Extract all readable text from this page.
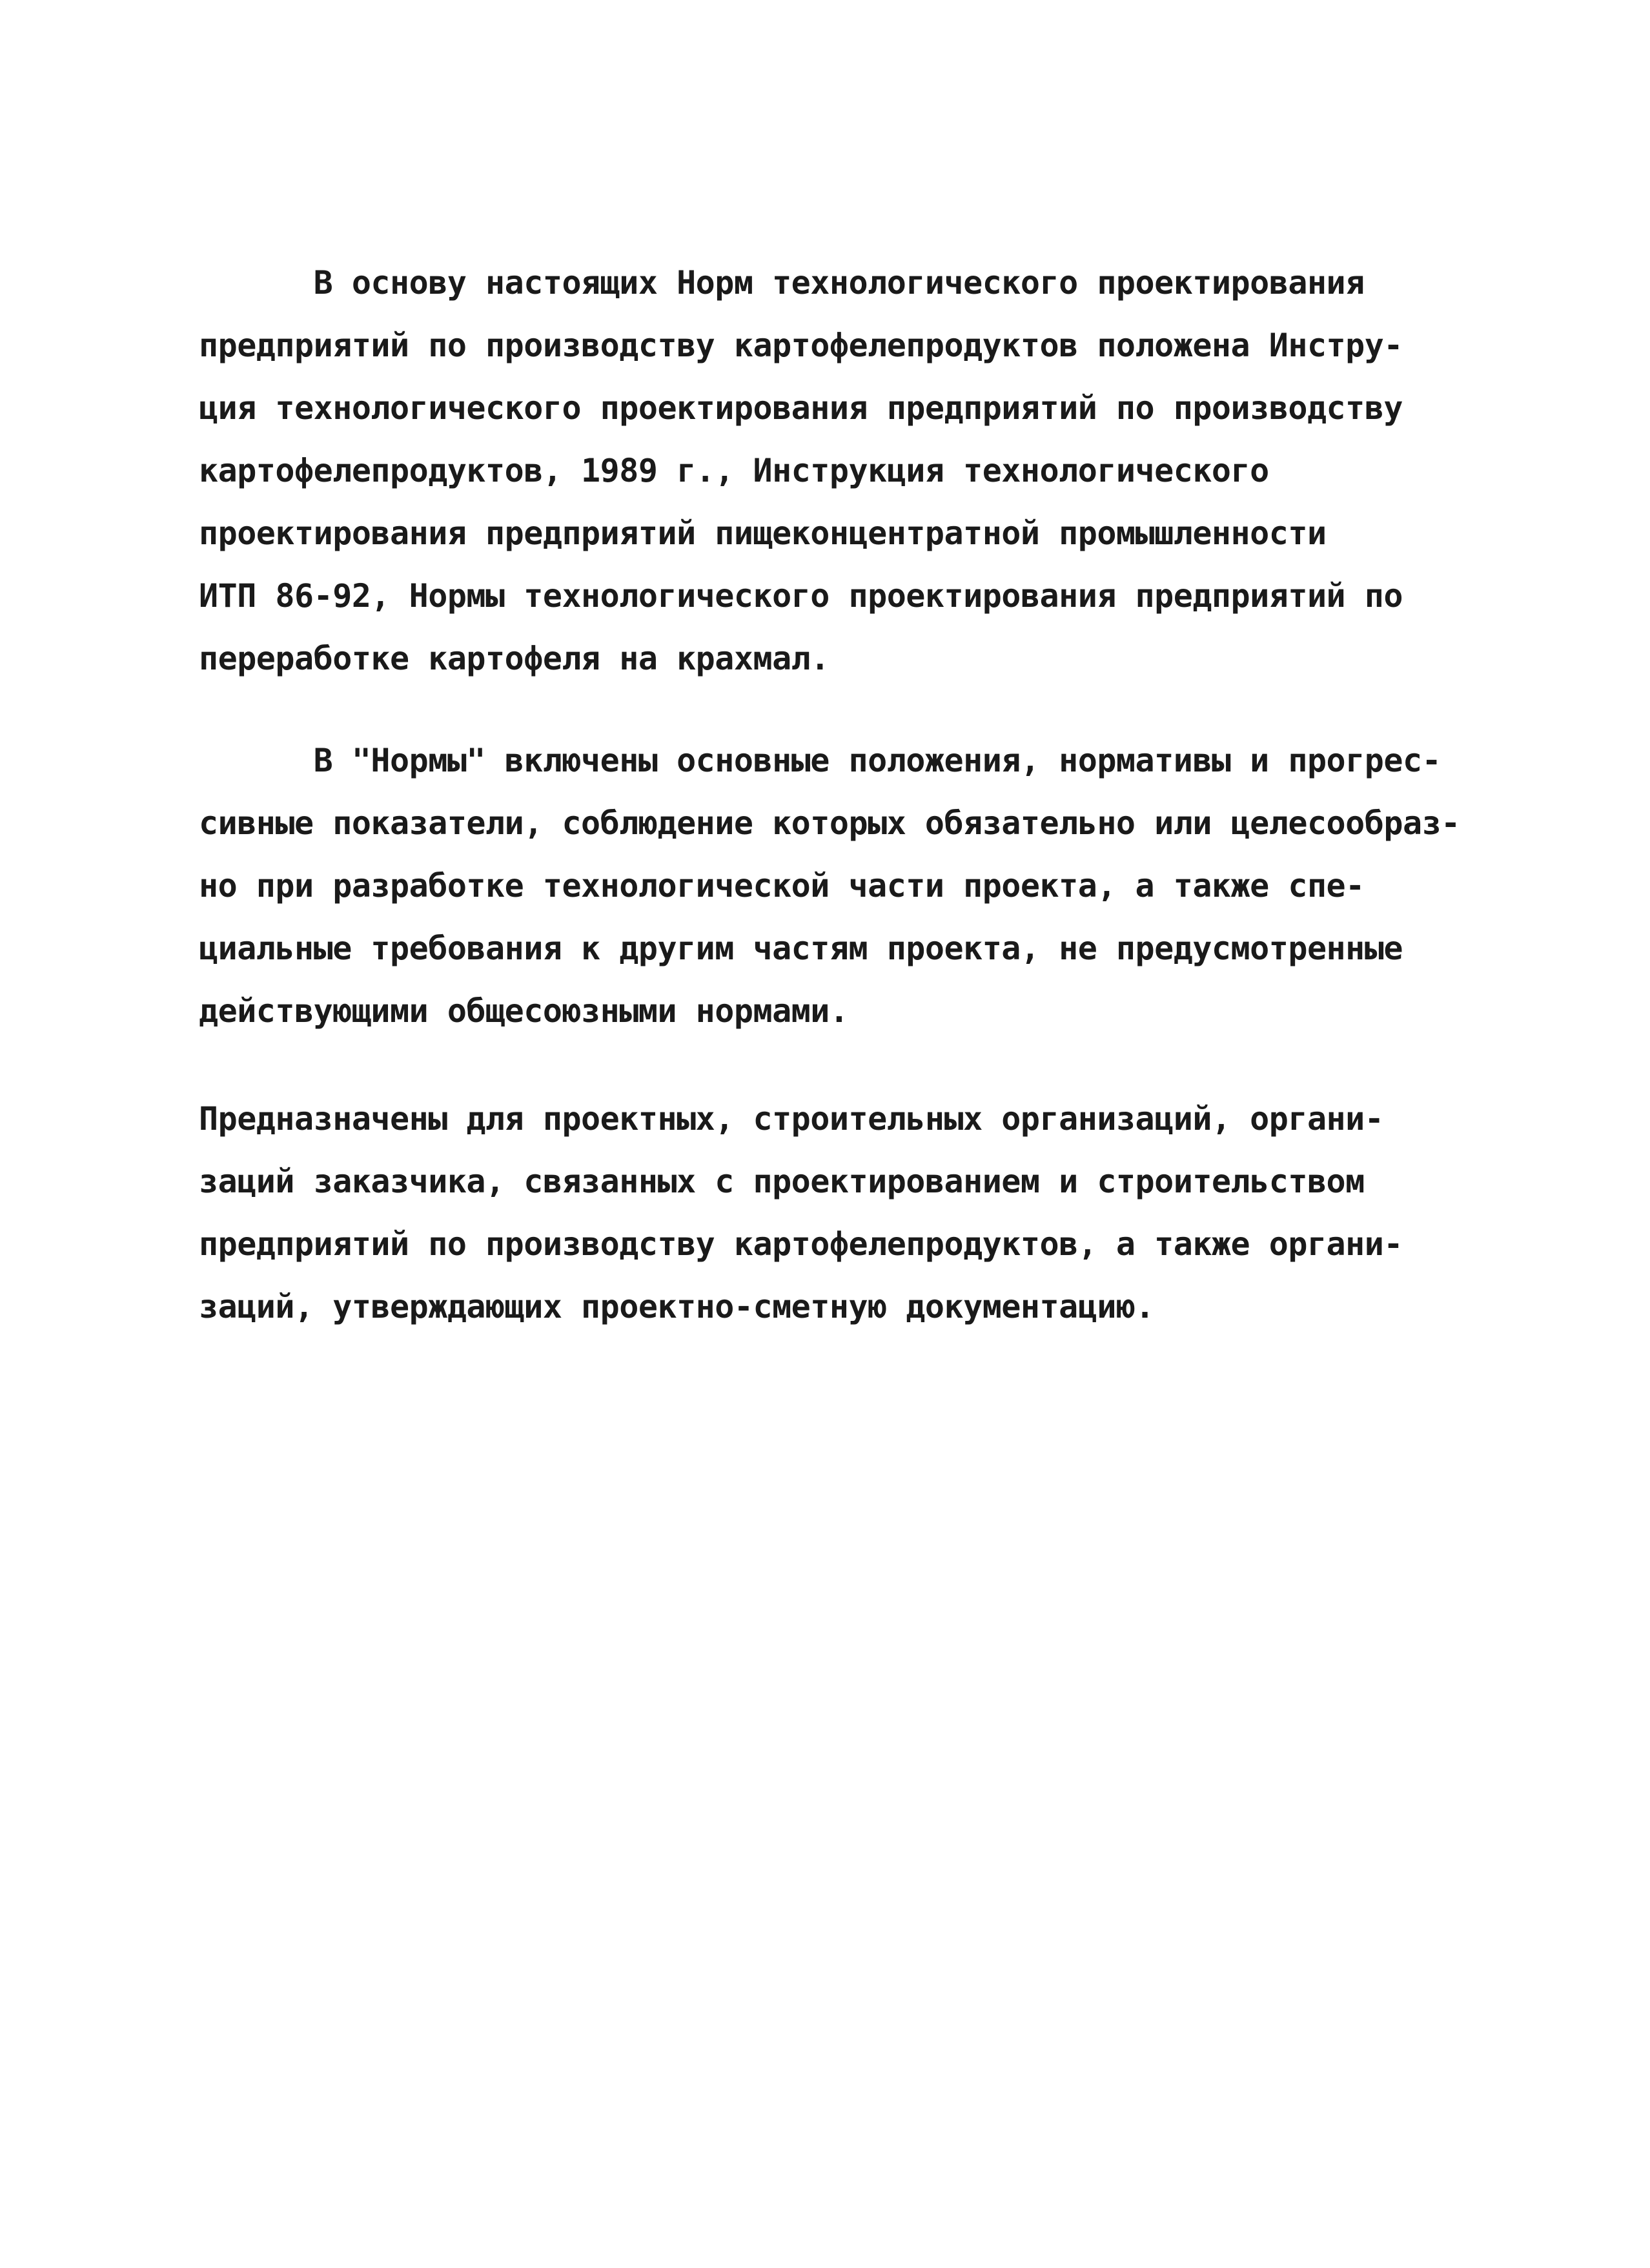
В основу настоящих Норм технологического проектирования
предприятий по производству картофелепродуктов положена Инстру-
ция технологического проектирования предприятий по производству
картофелепродуктов, 1989 г., Инструкция технологического
проектирования предприятий пищеконцентратной промышленности
ИТП 86-92, Нормы технологического проектирования предприятий по
переработке картофеля на крахмал.
В "Нормы" включены основные положения, нормативы и прогрес-
сивные показатели, соблюдение которых обязательно или целесообраз-
но при разработке технологической части проекта, а также спе-
циальные требования к другим частям проекта, не предусмотренные
действующими общесоюзными нормами.
Предназначены для проектных, строительных организаций, органи-
заций заказчика, связанных с проектированием и строительством
предприятий по производству картофелепродуктов, а также органи-
заций, утверждающих проектно-сметную документацию.
